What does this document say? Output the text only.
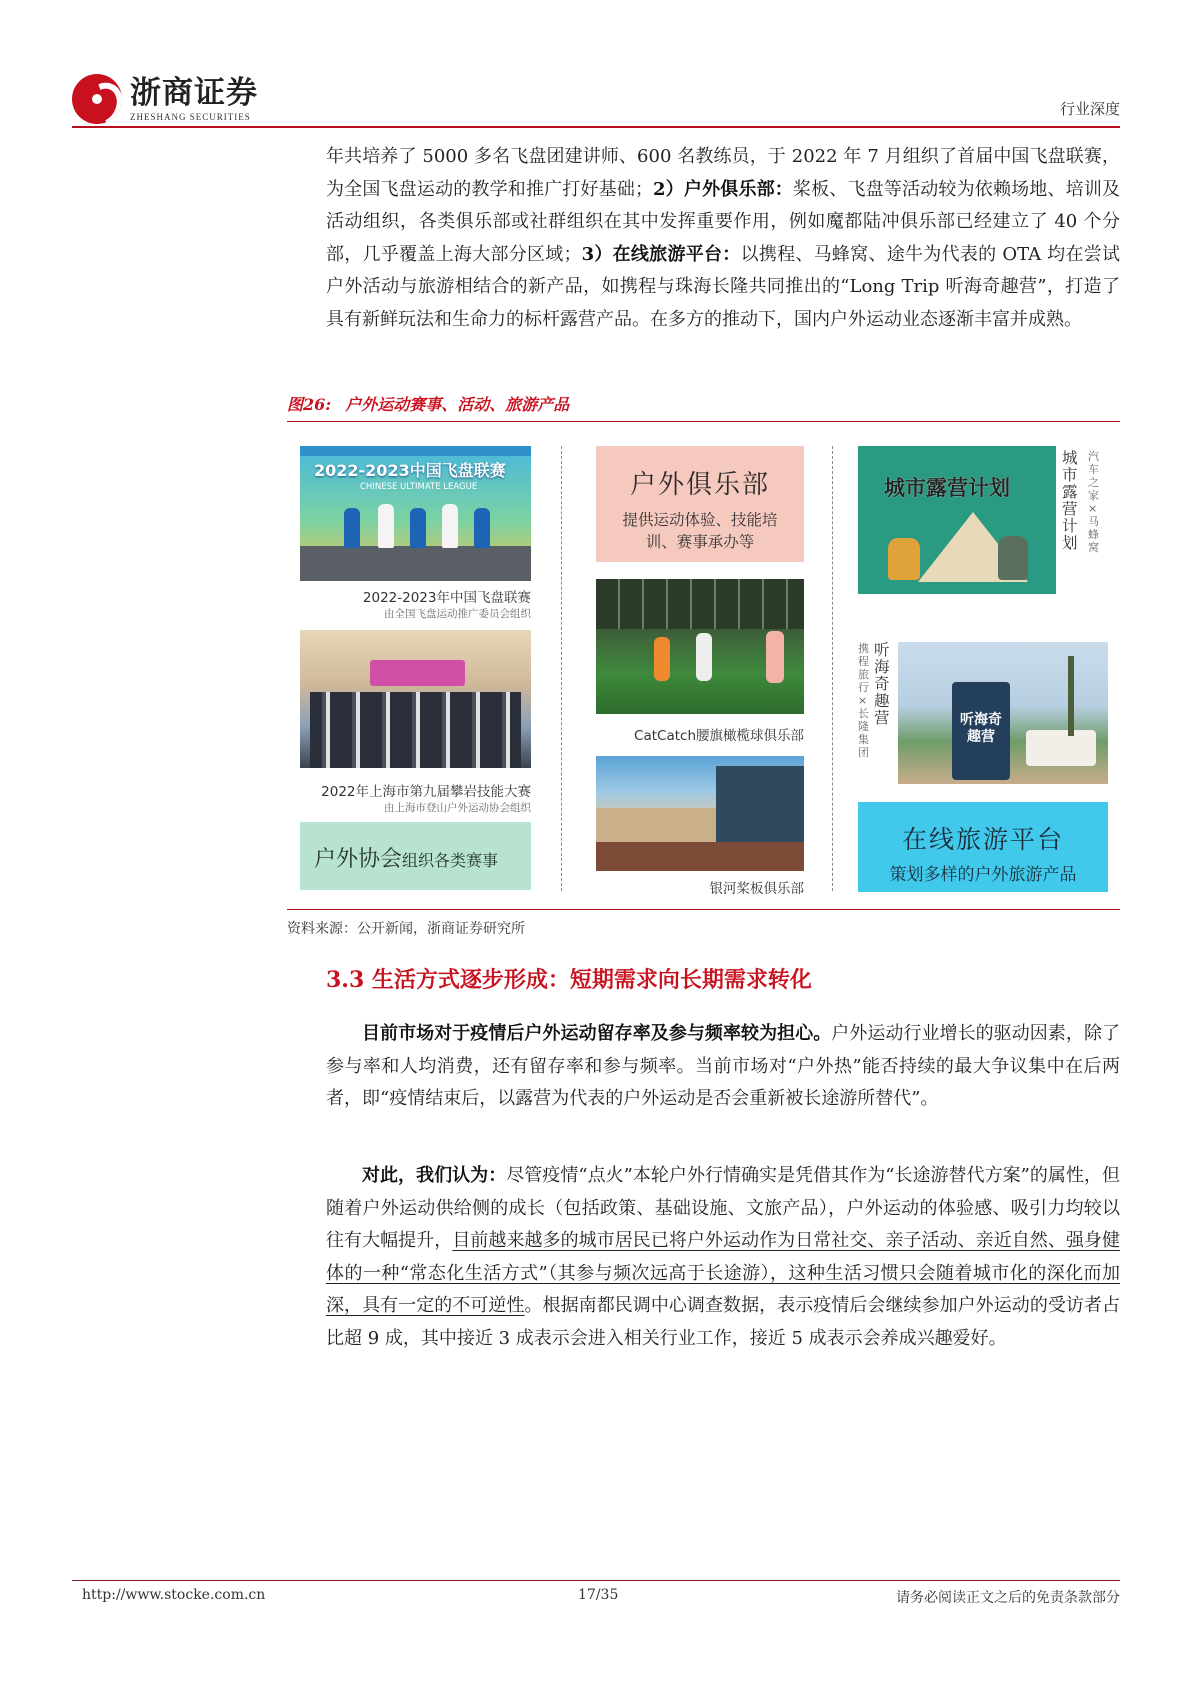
浙商证券
ZHESHANG SECURITIES	行业深度

年共培养了 5000 多名飞盘团建讲师、600 名教练员，于 2022 年 7 月组织了首届中国飞盘联赛，为全国飞盘运动的教学和推广打好基础；2）户外俱乐部：桨板、飞盘等活动较为依赖场地、培训及活动组织，各类俱乐部或社群组织在其中发挥重要作用，例如魔都陆冲俱乐部已经建立了 40 个分部，几乎覆盖上海大部分区域；3）在线旅游平台：以携程、马蜂窝、途牛为代表的 OTA 均在尝试户外活动与旅游相结合的新产品，如携程与珠海长隆共同推出的“Long Trip 听海奇趣营”，打造了具有新鲜玩法和生命力的标杆露营产品。在多方的推动下，国内户外运动业态逐渐丰富并成熟。

图26: 户外运动赛事、活动、旅游产品
2022-2023中国飞盘联赛
CHINESE ULTIMATE LEAGUE
2022-2023年中国飞盘联赛
由全国飞盘运动推广委员会组织
2022年上海市第九届攀岩技能大赛
由上海市登山户外运动协会组织
户外协会组织各类赛事
户外俱乐部
提供运动体验、技能培训、赛事承办等
CatCatch腰旗橄榄球俱乐部
银河桨板俱乐部
城市露营计划
城市露营计划
汽车之家×马蜂窝
听海奇趣营
携程旅行×长隆集团
听海奇趣营
在线旅游平台
策划多样的户外旅游产品
资料来源：公开新闻，浙商证券研究所
3.3 生活方式逐步形成：短期需求向长期需求转化

目前市场对于疫情后户外运动留存率及参与频率较为担心。户外运动行业增长的驱动因素，除了参与率和人均消费，还有留存率和参与频率。当前市场对“户外热”能否持续的最大争议集中在后两者，即“疫情结束后，以露营为代表的户外运动是否会重新被长途游所替代”。

对此，我们认为：尽管疫情“点火”本轮户外行情确实是凭借其作为“长途游替代方案”的属性，但随着户外运动供给侧的成长（包括政策、基础设施、文旅产品），户外运动的体验感、吸引力均较以往有大幅提升，目前越来越多的城市居民已将户外运动作为日常社交、亲子活动、亲近自然、强身健体的一种“常态化生活方式”（其参与频次远高于长途游），这种生活习惯只会随着城市化的深化而加深，具有一定的不可逆性。根据南都民调中心调查数据，表示疫情后会继续参加户外运动的受访者占比超 9 成，其中接近 3 成表示会进入相关行业工作，接近 5 成表示会养成兴趣爱好。

http://www.stocke.com.cn	17/35	请务必阅读正文之后的免责条款部分
